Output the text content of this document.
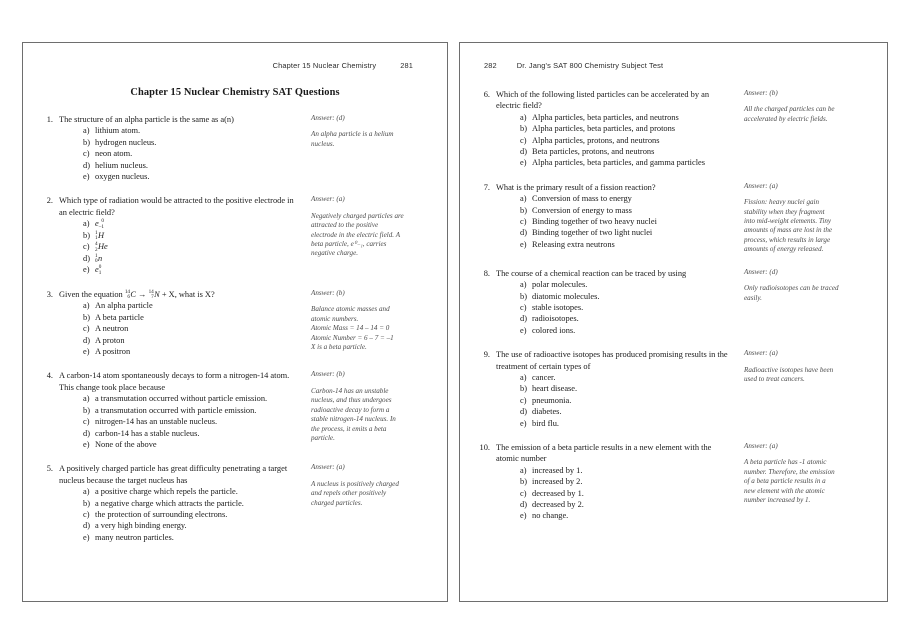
Chapter 15 Nuclear Chemistry	281
Chapter 15 Nuclear Chemistry SAT Questions
1. The structure of an alpha particle is the same as a(n)

a) lithium atom.
b) hydrogen nucleus.
c) neon atom.
d) helium nucleus.
e) oxygen nucleus.

Answer: (d)

An alpha particle is a helium
nucleus.

2. Which type of radiation would be attracted to the positive electrode in an electric field?

a) e 0
–1
b) 1
1 H
c)	4
2 He
d) 1
0 n
e) e 0
1

Answer: (a)

Negatively charged particles are
attracted to the positive
electrode in the electric field. A
beta particle, e⁰₋₁, carries
negative charge.

3. Given the equation 14
6 C → 14
7 N + X, what is X?

a) An alpha particle
b) A beta particle
c) A neutron
d) A proton
e) A positron

Answer: (b)

Balance atomic masses and
atomic numbers.
Atomic Mass = 14 – 14 = 0
Atomic Number = 6 – 7 = –1
X is a beta particle.

4. A carbon-14 atom spontaneously decays to form a nitrogen-14 atom. This change took place because

a) a transmutation occurred without particle emission.
b) a transmutation occurred with particle emission.
c) nitrogen-14 has an unstable nucleus.
d) carbon-14 has a stable nucleus.
e) None of the above

Answer: (b)

Carbon-14 has an unstable
nucleus, and thus undergoes
radioactive decay to form a
stable nitrogen-14 nucleus. In
the process, it emits a beta
particle.

5. A positively charged particle has great difficulty penetrating a target nucleus because the target nucleus has

a) a positive charge which repels the particle.
b) a negative charge which attracts the particle.
c) the protection of surrounding electrons.
d) a very high binding energy.
e) many neutron particles.

Answer: (a)

A nucleus is positively charged
and repels other positively
charged particles.

282	Dr. Jang's SAT 800 Chemistry Subject Test
6. Which of the following listed particles can be accelerated by an electric field?

a) Alpha particles, beta particles, and neutrons
b) Alpha particles, beta particles, and protons
c) Alpha particles, protons, and neutrons
d) Beta particles, protons, and neutrons
e) Alpha particles, beta particles, and gamma particles

Answer: (b)

All the charged particles can be
accelerated by electric fields.

7. What is the primary result of a fission reaction?

a) Conversion of mass to energy
b) Conversion of energy to mass
c) Binding together of two heavy nuclei
d) Binding together of two light nuclei
e) Releasing extra neutrons

Answer: (a)

Fission: heavy nuclei gain
stability when they fragment
into mid-weight elements. Tiny
amounts of mass are lost in the
process, which results in large
amounts of energy released.

8. The course of a chemical reaction can be traced by using

a) polar molecules.
b) diatomic molecules.
c) stable isotopes.
d) radioisotopes.
e) colored ions.

Answer: (d)

Only radioisotopes can be traced
easily.

9. The use of radioactive isotopes has produced promising results in the treatment of certain types of

a) cancer.
b) heart disease.
c) pneumonia.
d) diabetes.
e) bird flu.

Answer: (a)

Radioactive isotopes have been
used to treat cancers.

10. The emission of a beta particle results in a new element with the atomic number

a) increased by 1.
b) increased by 2.
c) decreased by 1.
d) decreased by 2.
e) no change.

Answer: (a)

A beta particle has -1 atomic
number. Therefore, the emission
of a beta particle results in a
new element with the atomic
number increased by 1.
